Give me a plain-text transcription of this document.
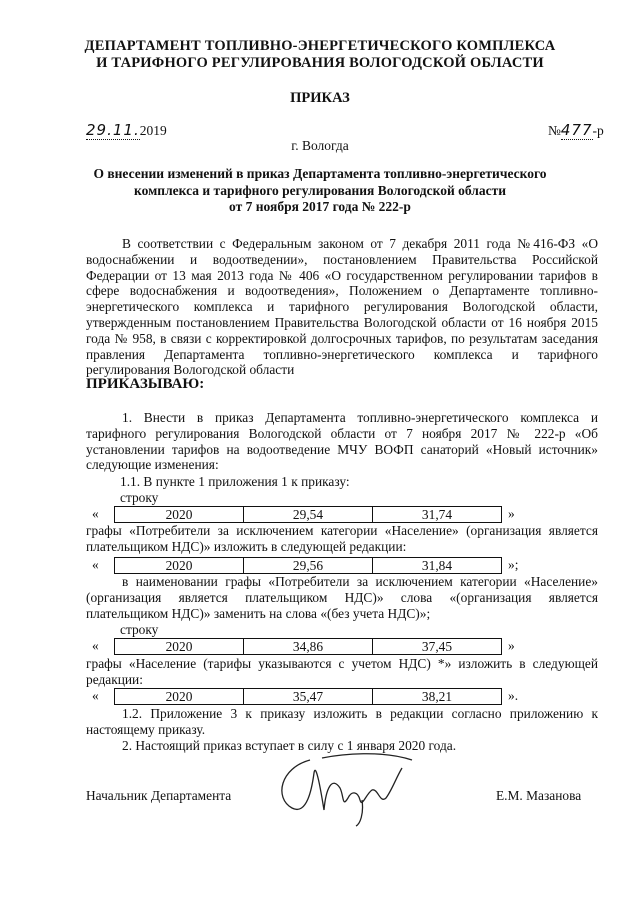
ДЕПАРТАМЕНТ ТОПЛИВНО-ЭНЕРГЕТИЧЕСКОГО КОМПЛЕКСА
И ТАРИФНОГО РЕГУЛИРОВАНИЯ ВОЛОГОДСКОЙ ОБЛАСТИ
ПРИКАЗ
29.11.2019	№477-р
г. Вологда
О внесении изменений в приказ Департамента топливно-энергетического
комплекса и тарифного регулирования Вологодской области
от 7 ноября 2017 года № 222-р
В соответствии с Федеральным законом от 7 декабря 2011 года №416-ФЗ «О водоснабжении и водоотведении», постановлением Правительства Российской Федерации от 13 мая 2013 года № 406 «О государственном регулировании тарифов в сфере водоснабжения и водоотведения», Положением о Департаменте топливно-энергетического комплекса и тарифного регулирования Вологодской области, утвержденным постановлением Правительства Вологодской области от 16 ноября 2015 года № 958, в связи с корректировкой долгосрочных тарифов, по результатам заседания правления Департамента топливно-энергетического комплекса и тарифного регулирования Вологодской области
ПРИКАЗЫВАЮ:
1. Внести в приказ Департамента топливно-энергетического комплекса и тарифного регулирования Вологодской области от 7 ноября 2017 № 222-р «Об установлении тарифов на водоотведение МЧУ ВОФП санаторий «Новый источник» следующие изменения:
1.1. В пункте 1 приложения 1 к приказу:
строку
«	2020	29,54	31,74	»
графы «Потребители за исключением категории «Население» (организация является плательщиком НДС)» изложить в следующей редакции:
«	2020	29,56	31,84	»;
в наименовании графы «Потребители за исключением категории «Население» (организация является плательщиком НДС)» слова «(организация является плательщиком НДС)» заменить на слова «(без учета НДС)»;
строку
«	2020	34,86	37,45	»
графы «Население (тарифы указываются с учетом НДС) *» изложить в следующей редакции:
«	2020	35,47	38,21	».
1.2. Приложение 3 к приказу изложить в редакции согласно приложению к настоящему приказу.
2. Настоящий приказ вступает в силу с 1 января 2020 года.
Начальник Департамента	Е.М. Мазанова
